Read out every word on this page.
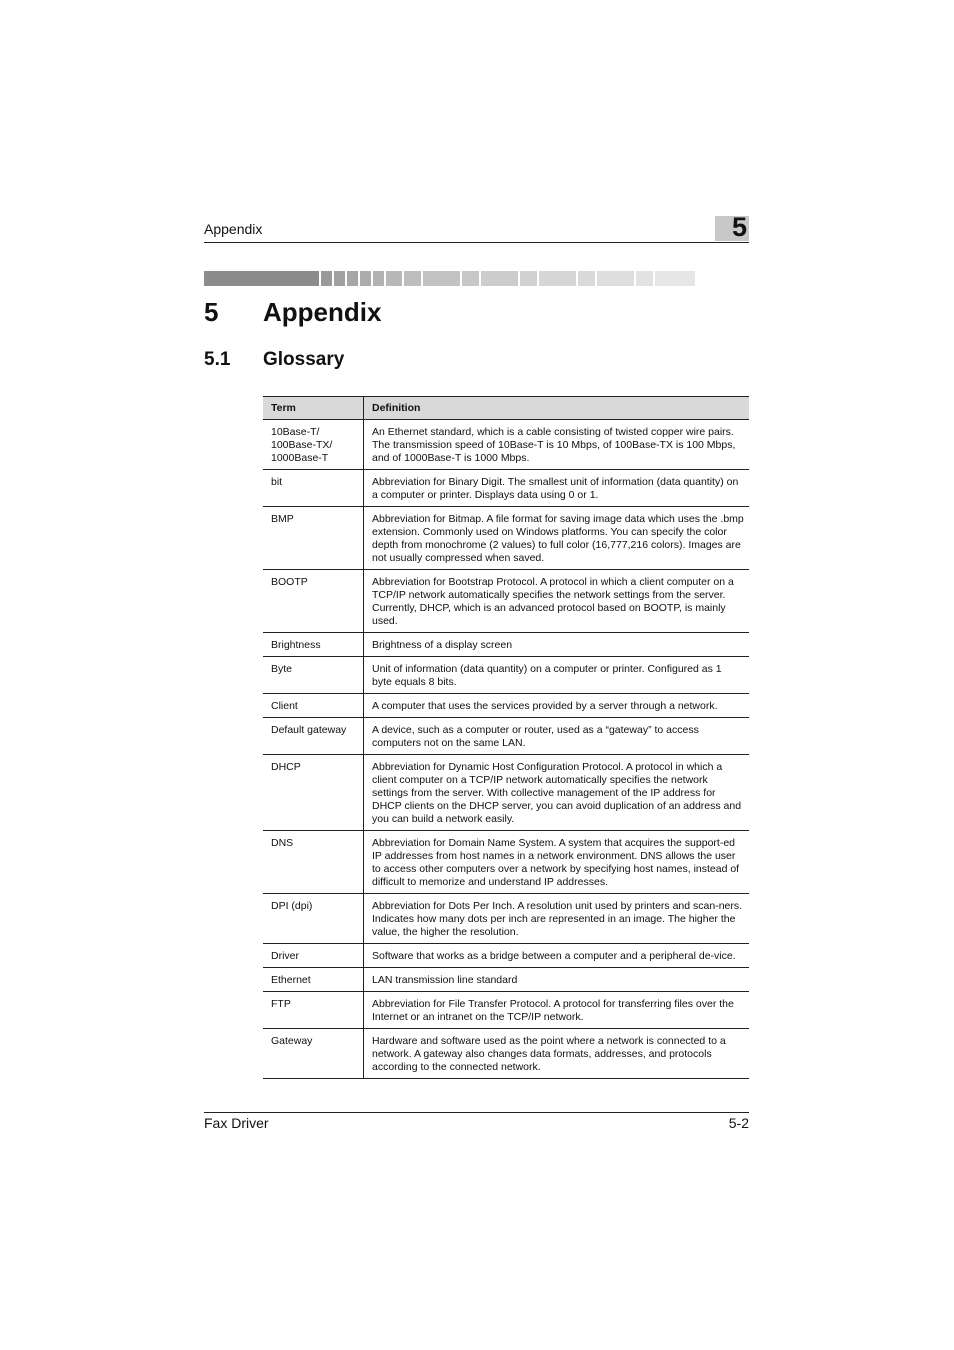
Appendix	5
5 Appendix
5.1 Glossary
Term	Definition
10Base-T/
100Base-TX/
1000Base-T	An Ethernet standard, which is a cable consisting of twisted copper wire pairs. The transmission speed of 10Base-T is 10 Mbps, of 100Base-TX is 100 Mbps, and of 1000Base-T is 1000 Mbps.
bit	Abbreviation for Binary Digit. The smallest unit of information (data quantity) on a computer or printer. Displays data using 0 or 1.
BMP	Abbreviation for Bitmap. A file format for saving image data which uses the .bmp extension. Commonly used on Windows platforms. You can specify the color depth from monochrome (2 values) to full color (16,777,216 colors). Images are not usually compressed when saved.
BOOTP	Abbreviation for Bootstrap Protocol. A protocol in which a client computer on a TCP/IP network automatically specifies the network settings from the server. Currently, DHCP, which is an advanced protocol based on BOOTP, is mainly used.
Brightness	Brightness of a display screen
Byte	Unit of information (data quantity) on a computer or printer. Configured as 1 byte equals 8 bits.
Client	A computer that uses the services provided by a server through a network.
Default gateway	A device, such as a computer or router, used as a “gateway” to access computers not on the same LAN.
DHCP	Abbreviation for Dynamic Host Configuration Protocol. A protocol in which a client computer on a TCP/IP network automatically specifies the network settings from the server. With collective management of the IP address for DHCP clients on the DHCP server, you can avoid duplication of an address and you can build a network easily.
DNS	Abbreviation for Domain Name System. A system that acquires the support-ed IP addresses from host names in a network environment. DNS allows the user to access other computers over a network by specifying host names, instead of difficult to memorize and understand IP addresses.
DPI (dpi)	Abbreviation for Dots Per Inch. A resolution unit used by printers and scan-ners. Indicates how many dots per inch are represented in an image. The higher the value, the higher the resolution.
Driver	Software that works as a bridge between a computer and a peripheral de-vice.
Ethernet	LAN transmission line standard
FTP	Abbreviation for File Transfer Protocol. A protocol for transferring files over the Internet or an intranet on the TCP/IP network.
Gateway	Hardware and software used as the point where a network is connected to a network. A gateway also changes data formats, addresses, and protocols according to the connected network.
Fax Driver	5-2
